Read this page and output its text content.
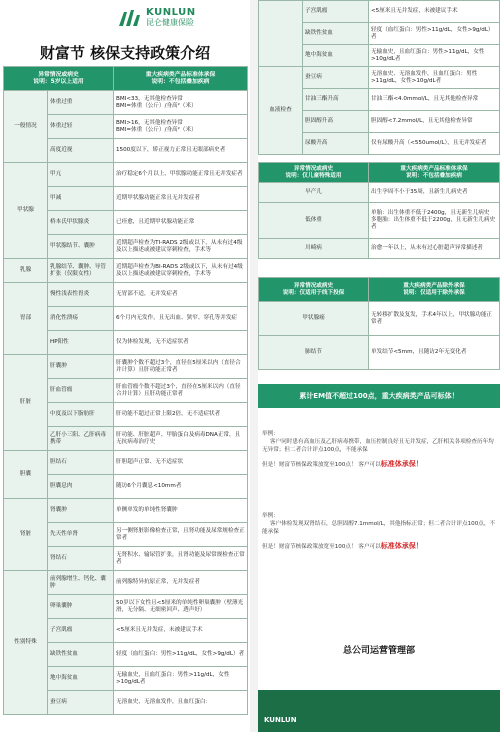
KUNLUN
昆仑健康保险
财富节 核保支持政策介绍
异常情况或病史
说明：5岁以上适用		重大疾病类产品标准体承保
说明：不包括叠加疾病
一般情况	体重过重	BMI<33，无其他检查异常
BMI=体重（公斤）/身高²（米）
	体重过轻	BMI>16，无其他检查异常
BMI=体重（公斤）/身高²（米）
	高度近视	1500度以下，矫正视力正常且无眼部病史者
甲状腺	甲亢	治疗稳定6个月以上，甲状腺功能正常且无并发症者
	甲减	近期甲状腺功能正常且无并发症者
	桥本氏甲状腺炎	已痊愈，且近期甲状腺功能正常
	甲状腺结节、囊肿	近期超声检查为TI-RADS 2级或以下，从未有过4级及以上描述或被建议穿刺检查，手术等
乳腺	乳腺结节、囊肿、导管扩张（仅限女性）	近期超声检查为BI-RADS 2级或以下，从未有过4级及以上描述或被建议穿刺检查，手术等
胃部	慢性浅表性胃炎	无胃部不适，无并发症者
	消化性溃疡	6个月内无发作，且无出血、狭窄、穿孔等并发症
	HP阳性	仅为体检发现，无不适症状者
肝脏	肝囊肿	肝囊肿个数不超过3个，直径在5厘米以内（直径合并计算）且肝功能正常者
	肝血管瘤	肝血管瘤个数不超过3个，直径在5厘米以内（直径合并计算）且肝功能正常者
	中度及以下脂肪肝	肝功能不超过正常上限2倍，无不适症状者
	乙肝小三阳、乙肝病毒携带	肝功能、肝脏超声、甲胎蛋白及病毒DNA正常，且无抗病毒治疗史
胆囊	胆结石	肝胆超声正常、无不适症状
	胆囊息肉	随访6个月囊息<10mm者
肾脏	肾囊肿	单侧单发的单纯性肾囊肿
	先天性单肾	另一侧肾脏影像检查正常，且肾功能及尿常规检查正常者
	肾结石	无肾积水、输尿管扩张，且肾功能及尿常规检查正常者
性别特殊	前列腺增生、钙化、囊肿	前列腺特异抗原正常，无并发症者
	卵巢囊肿	50岁以下女性且<5厘米的单纯性卵巢囊肿（壁薄光滑，无分隔、无细密回声、透声好）
	子宫肌瘤	<5厘米且无并发症，未被建议手术
	缺铁性贫血	轻度（血红蛋白：男性>11g/dL，女性>9g/dL）者
	地中海贫血	无输血史，且血红蛋白：男性>11g/dL，女性>10g/dL者
	蚕豆病	无溶血史、无溶血发作，且血红蛋白：
	子宫肌瘤	<5厘米且无并发症，未被建议手术
	缺铁性贫血	轻度（血红蛋白：男性>11g/dL，女性>9g/dL）者
	地中海贫血	无输血史，且血红蛋白：男性>11g/dL，女性>10g/dL者
血液检查	蚕豆病	无溶血史、无溶血发作，且血红蛋白：男性>11g/dL，女性>10g/dL者
	甘油三酯升高	甘油三酯<4.0mmol/L，且无其他检查异常
	胆固醇升高	胆固醇<7.2mmol/L，且无其他检查异常
	尿酸升高	仅有尿酸升高（<550umol/L），且无并发症者
异常情况或病史
说明：仅儿童特殊适用	重大疾病类产品标准体承保
说明：不包括叠加疾病
早产儿	出生孕周不小于35周，且新生儿病史者
低体重	单胎：出生体重不低于2400g，且无新生儿病史
多胞胎：出生体重不低于2200g，且无新生儿病史者
川崎病	治愈一年以上，从未有过心脏超声异常描述者
异常情况或病史
说明：仅适用于线下投保	重大疾病类产品除外承保
说明：仅适用于除外承保
甲状腺癌	无转移扩散及复发，手术4年以上，甲状腺功能正常者
肺结节	单发结节<5mm，且随访2年无变化者
累计EM值不超过100点，重大疾病类产品可标体！
举例：
客户同时患有高血压及乙肝病毒携带，血压控制良好且无并发症，乙肝相关各项检查历年均无异常；但二者合计评点100点，不能承保
但是！财富节核保政策放宽至100点！ 客户可以标准体承保！
举例：
客户体检发现双肾结石，总胆固醇7.1mmol/L，其他指标正常；但二者合计评点100点，不能承保
但是！财富节核保政策放宽至100点！ 客户可以标准体承保！
总公司运营管理部
KUNLUN
